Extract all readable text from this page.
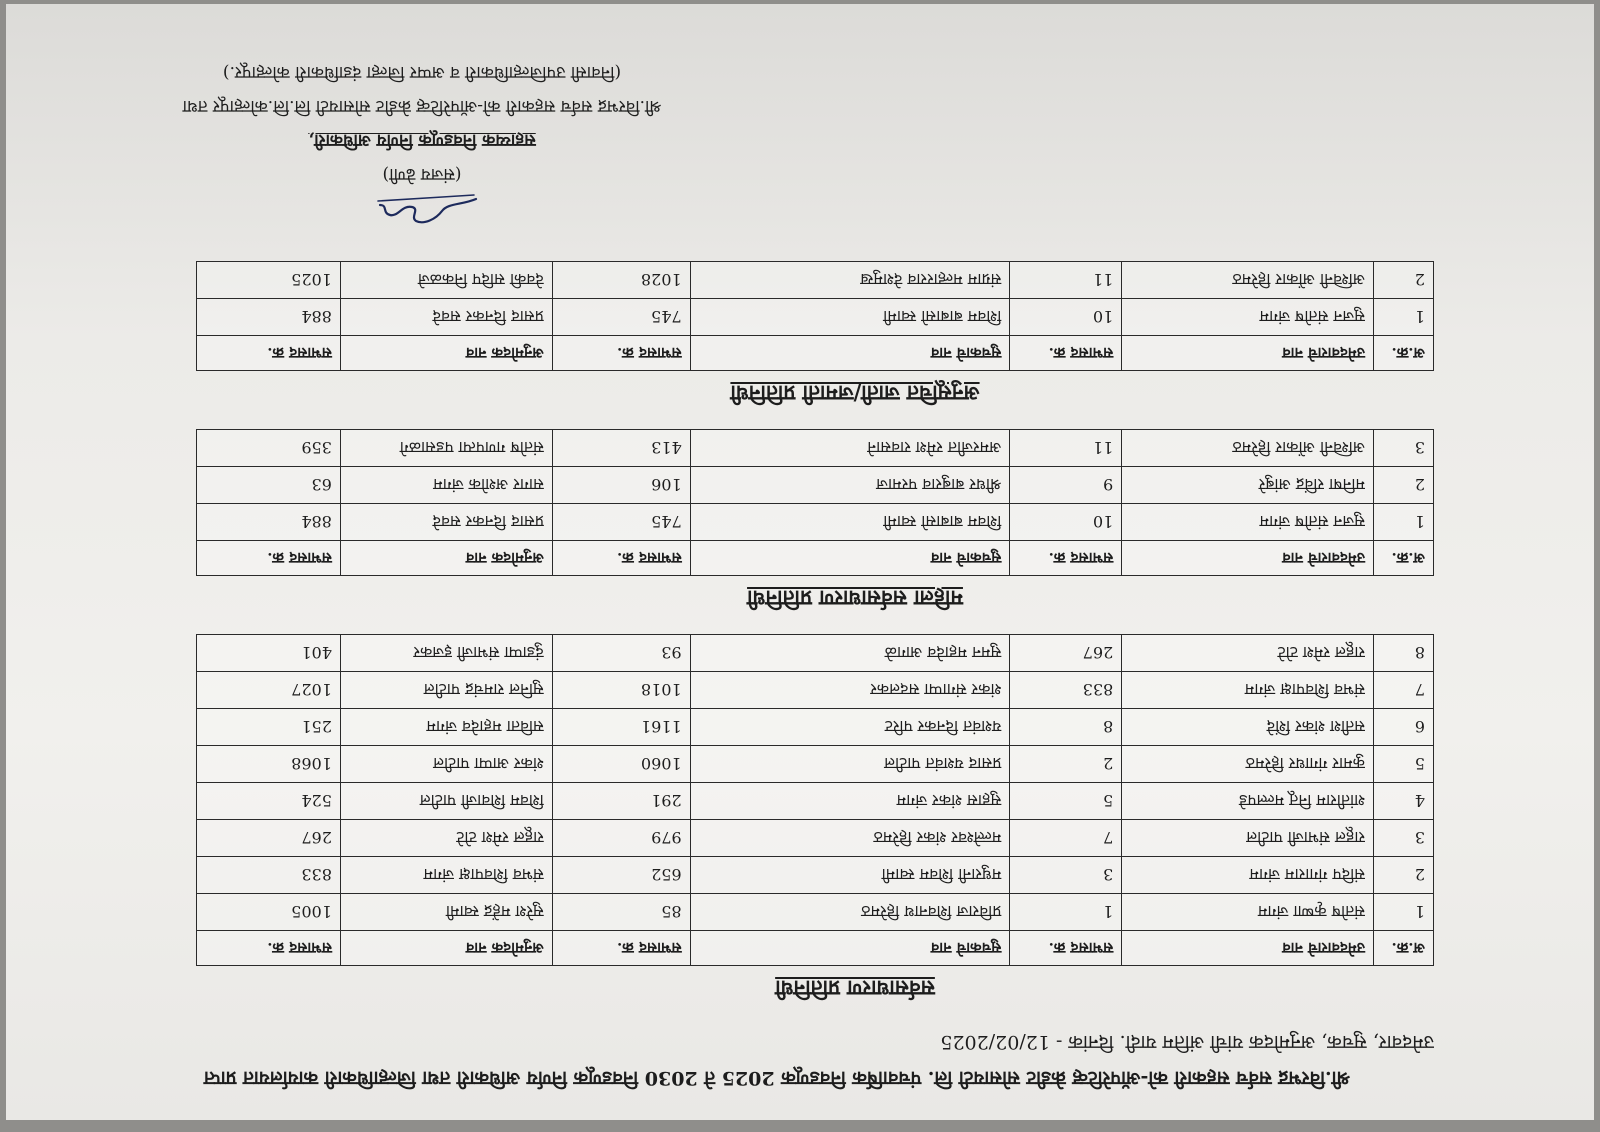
श्री.विरभद्र सर्वच सहकारी को-ऑपरेटिव्ह क्रेडीट सोसायटी लि. पंचवार्षिक निवडणूक 2025 ते 2030 निवडणूक निर्णय अधिकारी तथा जिल्हाधिकारी कार्यालयात प्राप्त
उमेदवार, सुचक, अनुमोदक यांची अंतिम यादी. दिनांक - 12/02/2025
सर्वसाधारण प्रतिनिधी
अ.क्र.	उमेदवाराचे नाव	सभासद क्र.	सुचकाचे नाव	सभासद क्र.	अनुमोदक नाव	सभासद क्र.
1	संतोष कृष्णा जंगम	1	प्रविराज शिवनाथ हिरेमठ	85	सुरेश महेंद्र स्वामी	1005
2	संदिप गंगाराम जंगम	3	मधुरानी शिवम स्वामी	652	संभव शिवपाक्ष जंगम	833
3	राहूल संभाजी पाटील	7	मल्लेश्वर शंकर हिरेमठ	979	राहूल रमेश टोटे	267
4	शांतीराम नितू मल्लपडे	5	सुहास शंकर जंगम	291	शिवम शिवाजी पाटील	524
5	कुमार गंगाधर हिरेमठ	2	प्रसाद यशवंत पाटील	1060	शंकर आप्पा पाटील	1068
6	सतीश शंकर शिंदे	8	यशवंत दिनकर परिट	1161	सविता महादेव जंगम	251
7	संभव शिवपाक्ष जंगम	833	शंकर संगाप्पा सदलकर	1018	सुनिल रामचंद्र पाटील	1027
8	राहूल रमेश टोटे	267	सुमन महादेव आगळे	93	दुंडाप्पा संभाजी इजकर	401
महिला सर्वसाधारण प्रतिनिधी
अ.क्र.	उमेदवाराचे नाव	सभासद क्र.	सुचकाचे नाव	सभासद क्र.	अनुमोदक नाव	सभासद क्र.
1	सुजन संतोष जंगम	10	शिवम बाबासो स्वामी	745	प्रसाद दिनकर सवदे	884
2	मनिषा रविंद्र आंबुरे	9	श्रीधर बाबुराव परमाज	106	सागर अशोक जंगम	63
3	अश्विनी ओंकार हिरेमठ	11	अमरजीत रमेश रावसाने	413	संतोष गणपत्पा पडसाळगे	359
अनुसूचित जाती/जमाती प्रतिनिधी
अ.क्र.	उमेदवाराचे नाव	सभासद क्र.	सुचकाचे नाव	सभासद क्र.	अनुमोदक नाव	सभासद क्र.
1	सुजन संतोष जंगम	10	शिवम बाबासो स्वामी	745	प्रसाद दिनकर सवदे	884
2	अश्विनी ओंकार हिरेमठ	11	संग्राम मल्हारराव देशमुख	1028	देवकी सदिप निकळजे	1025
(संजय ढेणी)
सहाय्यक निवडणूक निर्णय अधिकारी,
श्री.विरभद्र सर्वच सहकारी को-ऑपरेटिव्ह क्रेडीट सोसायटी लि.लि.कोल्हापूर तथा
(निवासी उपजिल्हाधिकारी व अप्पर जिल्हा दंडाधिकारी कोल्हापूर.)
